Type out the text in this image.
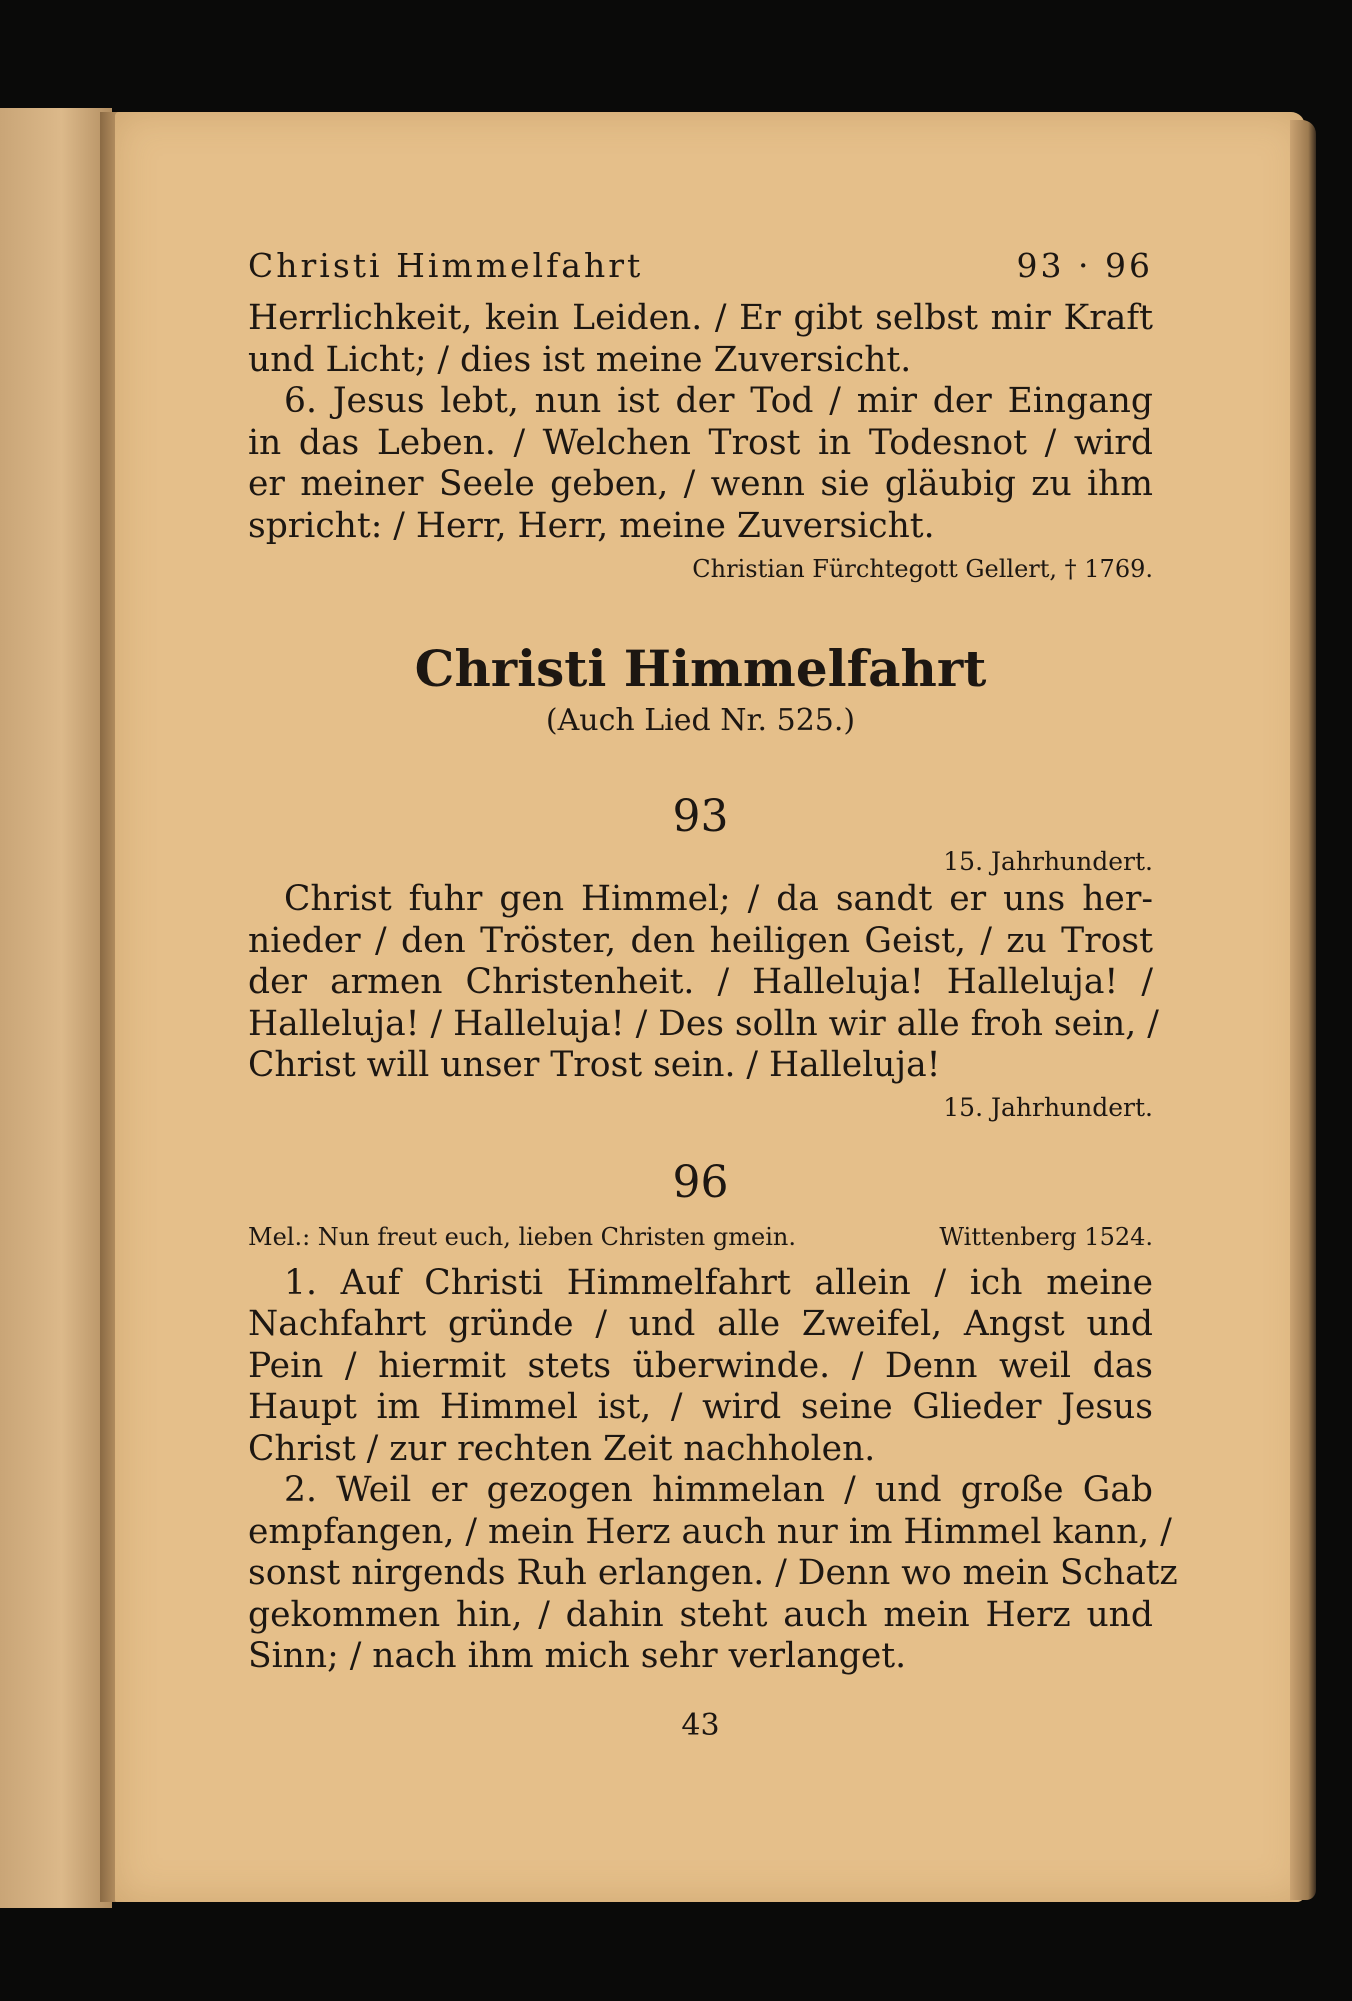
Christi Himmelfahrt	93 · 96
Herrlichkeit, kein Leiden. / Er gibt selbst mir Kraft
und Licht; / dies ist meine Zuversicht.
6. Jesus lebt, nun ist der Tod / mir der Eingang
in das Leben. / Welchen Trost in Todesnot / wird
er meiner Seele geben, / wenn sie gläubig zu ihm
spricht: / Herr, Herr, meine Zuversicht.
Christian Fürchtegott Gellert, † 1769.
Christi Himmelfahrt
(Auch Lied Nr. 525.)
93
15. Jahrhundert.
Christ fuhr gen Himmel; / da sandt er uns her-
nieder / den Tröster, den heiligen Geist, / zu Trost
der armen Christenheit. / Halleluja! Halleluja! /
Halleluja! / Halleluja! / Des solln wir alle froh sein, /
Christ will unser Trost sein. / Halleluja!
15. Jahrhundert.
96
Mel.: Nun freut euch, lieben Christen gmein.	Wittenberg 1524.
1. Auf Christi Himmelfahrt allein / ich meine
Nachfahrt gründe / und alle Zweifel, Angst und
Pein / hiermit stets überwinde. / Denn weil das
Haupt im Himmel ist, / wird seine Glieder Jesus
Christ / zur rechten Zeit nachholen.
2. Weil er gezogen himmelan / und große Gab
empfangen, / mein Herz auch nur im Himmel kann, /
sonst nirgends Ruh erlangen. / Denn wo mein Schatz
gekommen hin, / dahin steht auch mein Herz und
Sinn; / nach ihm mich sehr verlanget.
43
